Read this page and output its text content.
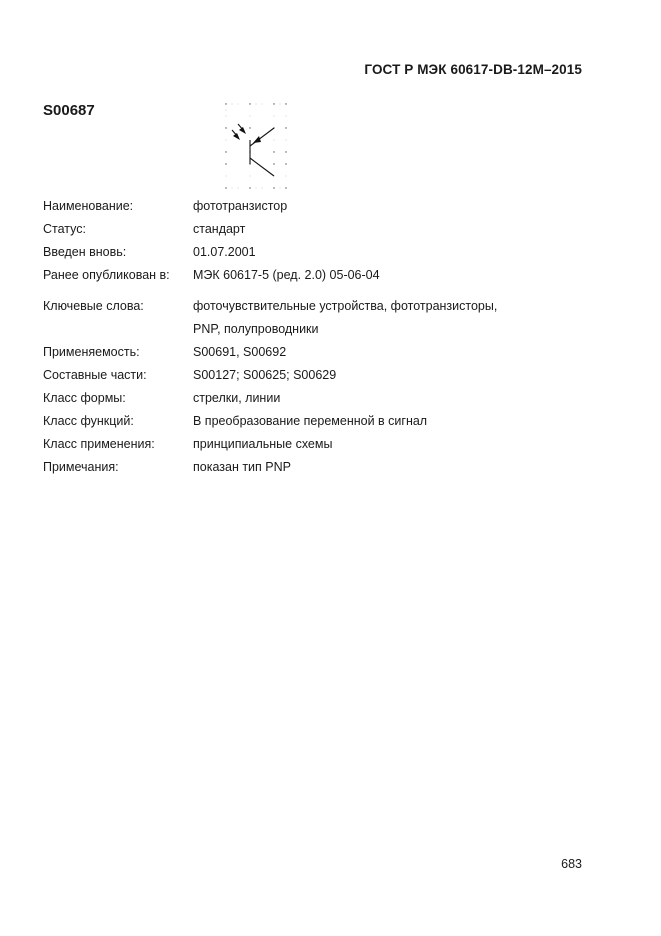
ГОСТ Р МЭК 60617-DB-12М–2015
S00687
Наименование:	фототранзистор
Статус:	стандарт
Введен вновь:	01.07.2001
Ранее опубликован в:	МЭК 60617-5 (ред. 2.0) 05-06-04
Ключевые слова:	фоточувствительные устройства, фототранзисторы,
PNP, полупроводники
Применяемость:	S00691, S00692
Составные части:	S00127; S00625; S00629
Класс формы:	стрелки, линии
Класс функций:	В преобразование переменной в сигнал
Класс применения:	принципиальные схемы
Примечания:	показан тип PNP
683
